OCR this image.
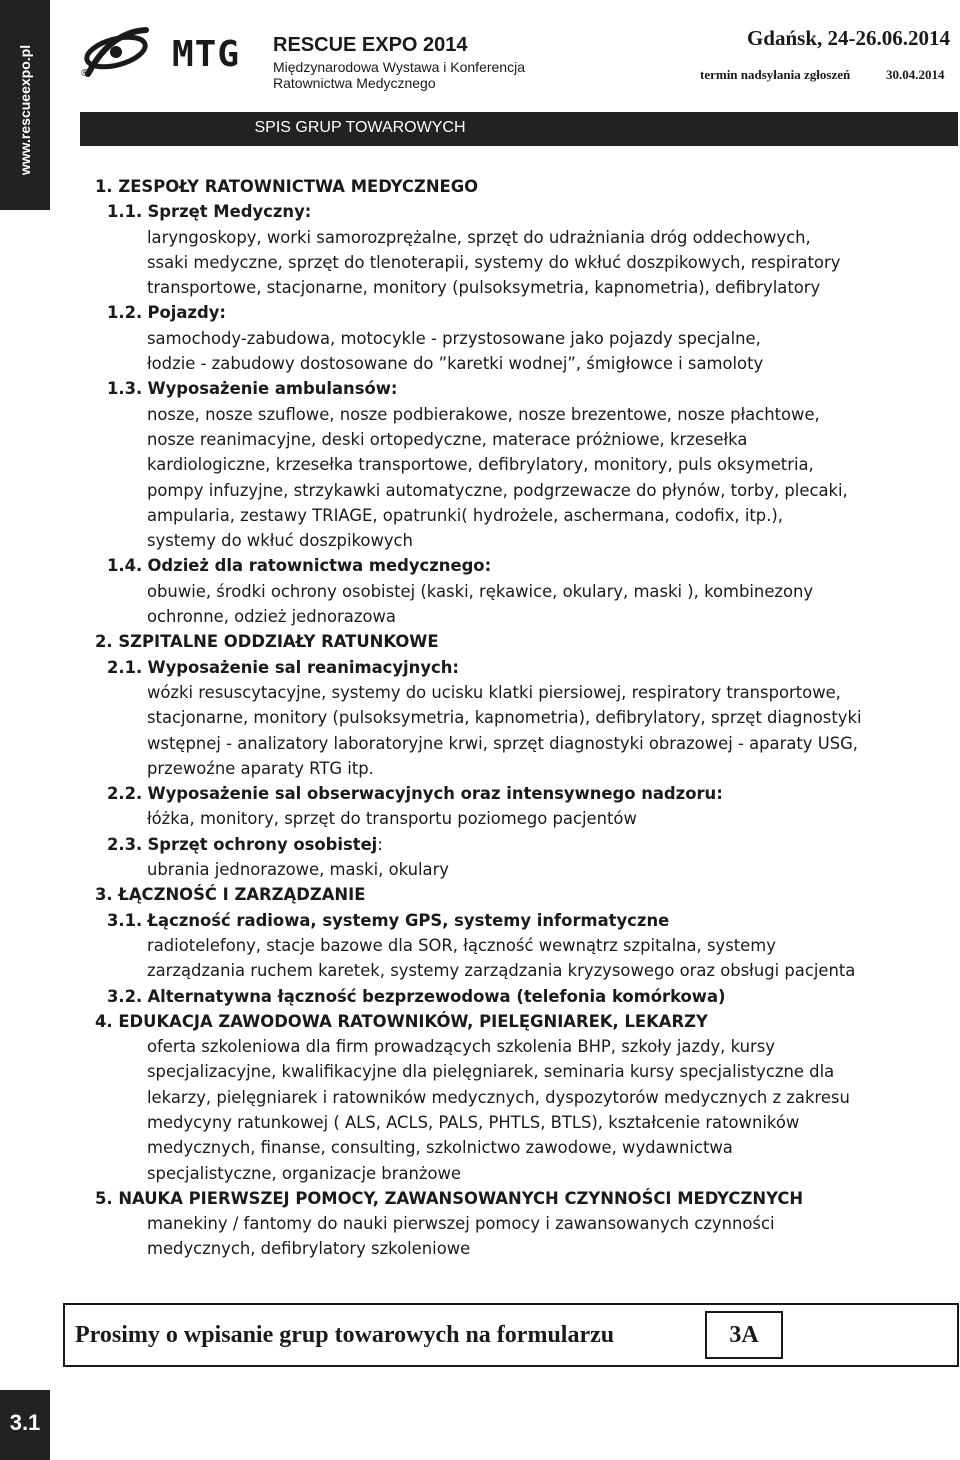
www.rescueexpo.pl	® MTG RESCUE EXPO 2014
Międzynarodowa Wystawa i Konferencja
Ratownictwa Medycznego
Gdańsk, 24-26.06.2014
termin nadsyłania zgłoszeń	30.04.2014
SPIS GRUP TOWAROWYCH
1. ZESPOŁY RATOWNICTWA MEDYCZNEGO
1.1. Sprzęt Medyczny:
laryngoskopy, worki samorozprężalne, sprzęt do udrażniania dróg oddechowych,
ssaki medyczne, sprzęt do tlenoterapii, systemy do wkłuć doszpikowych, respiratory
transportowe, stacjonarne, monitory (pulsoksymetria, kapnometria), defibrylatory
1.2. Pojazdy:
samochody-zabudowa, motocykle - przystosowane jako pojazdy specjalne,
łodzie - zabudowy dostosowane do ”karetki wodnej”, śmigłowce i samoloty
1.3. Wyposażenie ambulansów:
nosze, nosze szuflowe, nosze podbierakowe, nosze brezentowe, nosze płachtowe,
nosze reanimacyjne, deski ortopedyczne, materace próżniowe, krzesełka
kardiologiczne, krzesełka transportowe, defibrylatory, monitory, puls oksymetria,
pompy infuzyjne, strzykawki automatyczne, podgrzewacze do płynów, torby, plecaki,
ampularia, zestawy TRIAGE, opatrunki( hydrożele, aschermana, codofix, itp.),
systemy do wkłuć doszpikowych
1.4. Odzież dla ratownictwa medycznego:
obuwie, środki ochrony osobistej (kaski, rękawice, okulary, maski ), kombinezony
ochronne, odzież jednorazowa
2. SZPITALNE ODDZIAŁY RATUNKOWE
2.1. Wyposażenie sal reanimacyjnych:
wózki resuscytacyjne, systemy do ucisku klatki piersiowej, respiratory transportowe,
stacjonarne, monitory (pulsoksymetria, kapnometria), defibrylatory, sprzęt diagnostyki
wstępnej - analizatory laboratoryjne krwi, sprzęt diagnostyki obrazowej - aparaty USG,
przewoźne aparaty RTG itp.
2.2. Wyposażenie sal obserwacyjnych oraz intensywnego nadzoru:
łóżka, monitory, sprzęt do transportu poziomego pacjentów
2.3. Sprzęt ochrony osobistej:
ubrania jednorazowe, maski, okulary
3. ŁĄCZNOŚĆ I ZARZĄDZANIE
3.1. Łączność radiowa, systemy GPS, systemy informatyczne
radiotelefony, stacje bazowe dla SOR, łączność wewnątrz szpitalna, systemy
zarządzania ruchem karetek, systemy zarządzania kryzysowego oraz obsługi pacjenta
3.2. Alternatywna łączność bezprzewodowa (telefonia komórkowa)
4. EDUKACJA ZAWODOWA RATOWNIKÓW, PIELĘGNIAREK, LEKARZY
oferta szkoleniowa dla firm prowadzących szkolenia BHP, szkoły jazdy, kursy
specjalizacyjne, kwalifikacyjne dla pielęgniarek, seminaria kursy specjalistyczne dla
lekarzy, pielęgniarek i ratowników medycznych, dyspozytorów medycznych z zakresu
medycyny ratunkowej ( ALS, ACLS, PALS, PHTLS, BTLS), kształcenie ratowników
medycznych, finanse, consulting, szkolnictwo zawodowe, wydawnictwa
specjalistyczne, organizacje branżowe
5. NAUKA PIERWSZEJ POMOCY, ZAWANSOWANYCH CZYNNOŚCI MEDYCZNYCH
manekiny / fantomy do nauki pierwszej pomocy i zawansowanych czynności
medycznych, defibrylatory szkoleniowe
Prosimy o wpisanie grup towarowych na formularzu	3A
3.1
